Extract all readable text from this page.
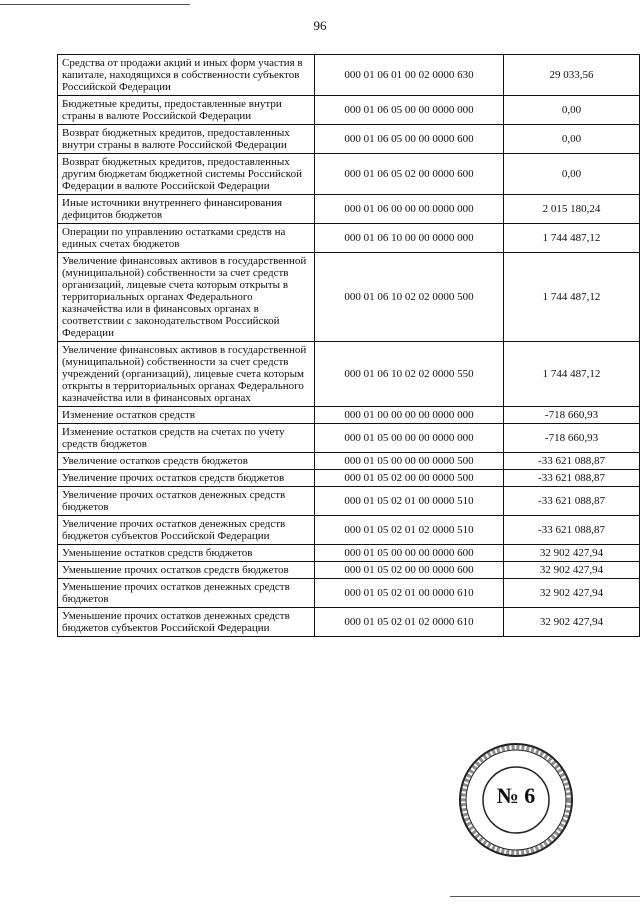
96
Средства от продажи акций и иных форм участия в капитале, находящихся в собственности субъектов Российской Федерации	000 01 06 01 00 02 0000 630	29 033,56
Бюджетные кредиты, предоставленные внутри страны в валюте Российской Федерации	000 01 06 05 00 00 0000 000	0,00
Возврат бюджетных кредитов, предоставленных внутри страны в валюте Российской Федерации	000 01 06 05 00 00 0000 600	0,00
Возврат бюджетных кредитов, предоставленных другим бюджетам бюджетной системы Российской Федерации в валюте Российской Федерации	000 01 06 05 02 00 0000 600	0,00
Иные источники внутреннего финансирования дефицитов бюджетов	000 01 06 00 00 00 0000 000	2 015 180,24
Операции по управлению остатками средств на единых счетах бюджетов	000 01 06 10 00 00 0000 000	1 744 487,12
Увеличение финансовых активов в государственной (муниципальной) собственности за счет средств организаций, лицевые счета которым открыты в территориальных органах Федерального казначейства или в финансовых органах в соответствии с законодательством Российской Федерации	000 01 06 10 02 02 0000 500	1 744 487,12
Увеличение финансовых активов в государственной (муниципальной) собственности за счет средств учреждений (организаций), лицевые счета которым открыты в территориальных органах Федерального казначейства или в финансовых органах	000 01 06 10 02 02 0000 550	1 744 487,12
Изменение остатков средств	000 01 00 00 00 00 0000 000	-718 660,93
Изменение остатков средств на счетах по учету средств бюджетов	000 01 05 00 00 00 0000 000	-718 660,93
Увеличение остатков средств бюджетов	000 01 05 00 00 00 0000 500	-33 621 088,87
Увеличение прочих остатков средств бюджетов	000 01 05 02 00 00 0000 500	-33 621 088,87
Увеличение прочих остатков денежных средств бюджетов	000 01 05 02 01 00 0000 510	-33 621 088,87
Увеличение прочих остатков денежных средств бюджетов субъектов Российской Федерации	000 01 05 02 01 02 0000 510	-33 621 088,87
Уменьшение остатков средств бюджетов	000 01 05 00 00 00 0000 600	32 902 427,94
Уменьшение прочих остатков средств бюджетов	000 01 05 02 00 00 0000 600	32 902 427,94
Уменьшение прочих остатков денежных средств бюджетов	000 01 05 02 01 00 0000 610	32 902 427,94
Уменьшение прочих остатков денежных средств бюджетов субъектов Российской Федерации	000 01 05 02 01 02 0000 610	32 902 427,94
№ 6
